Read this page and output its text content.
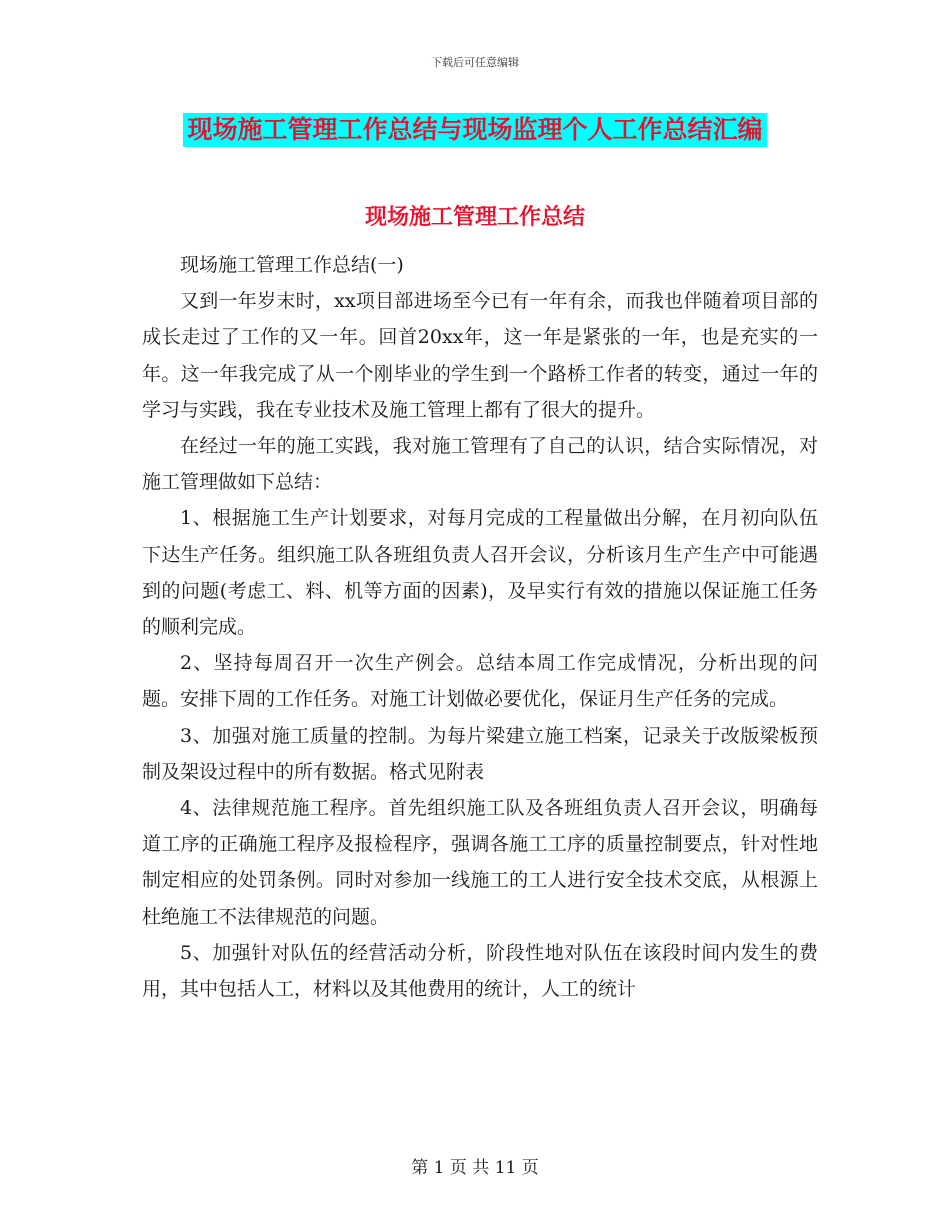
下载后可任意编辑
现场施工管理工作总结与现场监理个人工作总结汇编
现场施工管理工作总结

现场施工管理工作总结(一)

又到一年岁末时，xx项目部进场至今已有一年有余，而我也伴随着项目部的成长走过了工作的又一年。回首20xx年，这一年是紧张的一年，也是充实的一年。这一年我完成了从一个刚毕业的学生到一个路桥工作者的转变，通过一年的学习与实践，我在专业技术及施工管理上都有了很大的提升。

在经过一年的施工实践，我对施工管理有了自己的认识，结合实际情况，对施工管理做如下总结：

1、根据施工生产计划要求，对每月完成的工程量做出分解，在月初向队伍下达生产任务。组织施工队各班组负责人召开会议，分析该月生产生产中可能遇到的问题(考虑工、料、机等方面的因素)，及早实行有效的措施以保证施工任务的顺利完成。

2、坚持每周召开一次生产例会。总结本周工作完成情况，分析出现的问题。安排下周的工作任务。对施工计划做必要优化，保证月生产任务的完成。

3、加强对施工质量的控制。为每片梁建立施工档案，记录关于改版梁板预制及架设过程中的所有数据。格式见附表

4、法律规范施工程序。首先组织施工队及各班组负责人召开会议，明确每道工序的正确施工程序及报检程序，强调各施工工序的质量控制要点，针对性地制定相应的处罚条例。同时对参加一线施工的工人进行安全技术交底，从根源上杜绝施工不法律规范的问题。

5、加强针对队伍的经营活动分析，阶段性地对队伍在该段时间内发生的费用，其中包括人工，材料以及其他费用的统计，人工的统计

第 1 页 共 11 页
